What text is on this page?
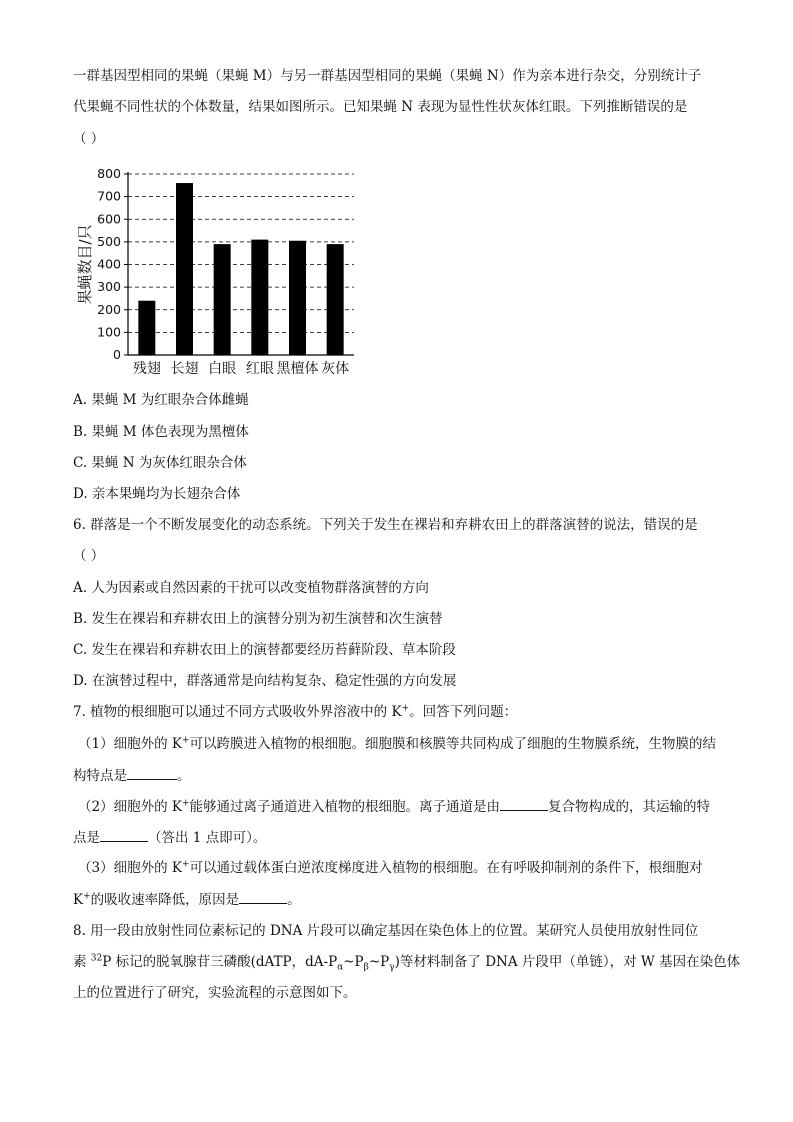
一群基因型相同的果蝇（果蝇 M）与另一群基因型相同的果蝇（果蝇 N）作为亲本进行杂交，分别统计子
代果蝇不同性状的个体数量，结果如图所示。已知果蝇 N 表现为显性性状灰体红眼。下列推断错误的是
（ ）
0
100
200
300
400
500
600
700
800
残翅 长翅 白眼 红眼 黑檀体 灰体
果蝇数目/只
A. 果蝇 M 为红眼杂合体雌蝇
B. 果蝇 M 体色表现为黑檀体
C. 果蝇 N 为灰体红眼杂合体
D. 亲本果蝇均为长翅杂合体
6. 群落是一个不断发展变化的动态系统。下列关于发生在裸岩和弃耕农田上的群落演替的说法，错误的是
（ ）
A. 人为因素或自然因素的干扰可以改变植物群落演替的方向
B. 发生在裸岩和弃耕农田上的演替分别为初生演替和次生演替
C. 发生在裸岩和弃耕农田上的演替都要经历苔藓阶段、草本阶段
D. 在演替过程中，群落通常是向结构复杂、稳定性强的方向发展
7. 植物的根细胞可以通过不同方式吸收外界溶液中的 K+。回答下列问题：
（1）细胞外的 K+可以跨膜进入植物的根细胞。细胞膜和核膜等共同构成了细胞的生物膜系统，生物膜的结
构特点是	。
（2）细胞外的 K+能够通过离子通道进入植物的根细胞。离子通道是由	复合物构成的，其运输的特
点是	（答出 1 点即可）。
（3）细胞外的 K+可以通过载体蛋白逆浓度梯度进入植物的根细胞。在有呼吸抑制剂的条件下，根细胞对
K+的吸收速率降低，原因是	。
8. 用一段由放射性同位素标记的 DNA 片段可以确定基因在染色体上的位置。某研究人员使用放射性同位
素 $^{32}$P 标记的脱氧腺苷三磷酸(dATP，$dA-P_\alpha\sim P_\beta\sim P_\gamma$)等材料制备了 DNA 片段甲（单链），对 W 基因在染色体
上的位置进行了研究，实验流程的示意图如下。
